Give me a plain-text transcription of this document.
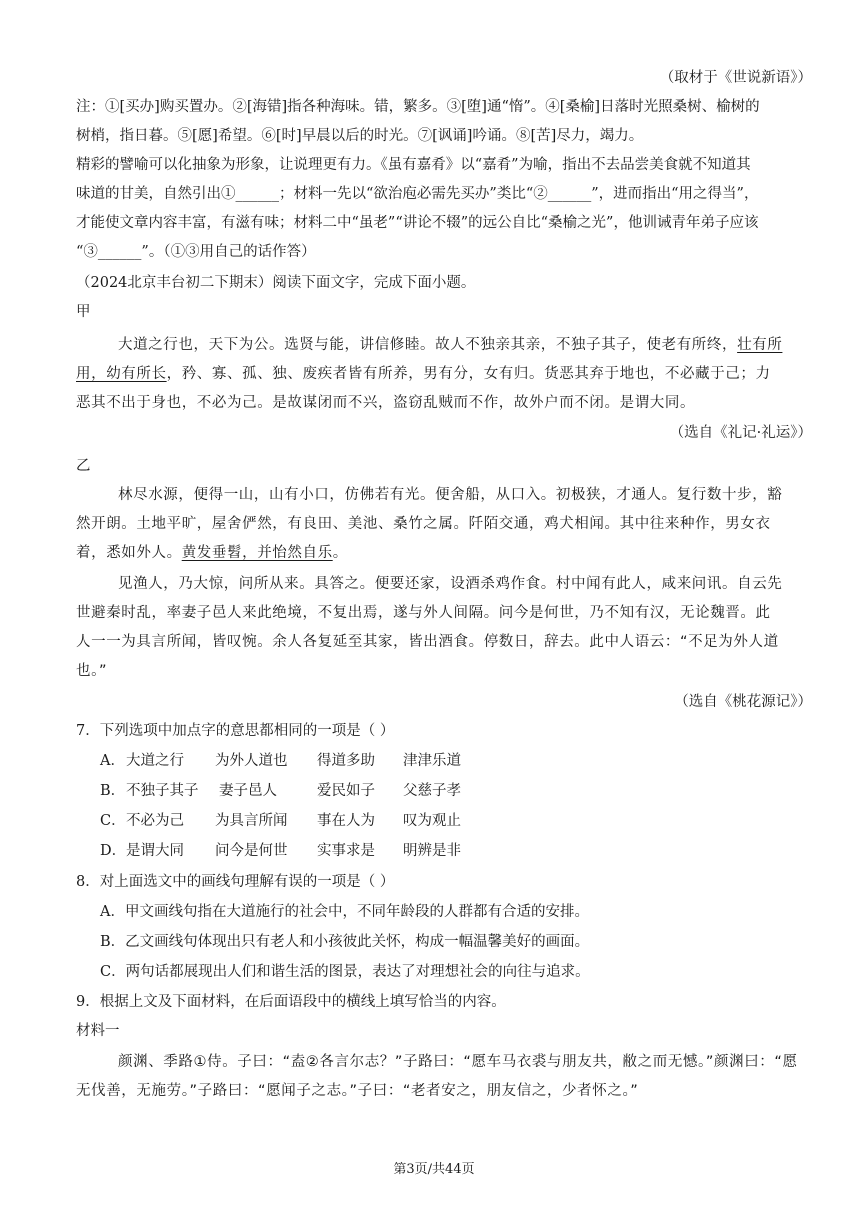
（取材于《世说新语》）
注：①[买办]购买置办。②[海错]指各种海味。错，繁多。③[堕]通“惰”。④[桑榆]日落时光照桑树、榆树的
树梢，指日暮。⑤[愿]希望。⑥[时]早晨以后的时光。⑦[讽诵]吟诵。⑧[苦]尽力，竭力。
精彩的譬喻可以化抽象为形象，让说理更有力。《虽有嘉肴》以“嘉肴”为喻，指出不去品尝美食就不知道其
味道的甘美，自然引出①______；材料一先以“欲治庖必需先买办”类比“②______”，进而指出“用之得当”，
才能使文章内容丰富，有滋有味；材料二中“虽老”“讲论不辍”的远公自比“桑榆之光”，他训诫青年弟子应该
“③______”。（①③用自己的话作答）
（2024北京丰台初二下期末）阅读下面文字，完成下面小题。
甲
大道之行也，天下为公。选贤与能，讲信修睦。故人不独亲其亲，不独子其子，使老有所终，壮有所
用，幼有所长，矜、寡、孤、独、废疾者皆有所养，男有分，女有归。货恶其弃于地也，不必藏于己；力
恶其不出于身也，不必为己。是故谋闭而不兴，盗窃乱贼而不作，故外户而不闭。是谓大同。
（选自《礼记·礼运》）
乙
林尽水源，便得一山，山有小口，仿佛若有光。便舍船，从口入。初极狭，才通人。复行数十步，豁
然开朗。土地平旷，屋舍俨然，有良田、美池、桑竹之属。阡陌交通，鸡犬相闻。其中往来种作，男女衣
着，悉如外人。黄发垂髫，并怡然自乐。
见渔人，乃大惊，问所从来。具答之。便要还家，设酒杀鸡作食。村中闻有此人，咸来问讯。自云先
世避秦时乱，率妻子邑人来此绝境，不复出焉，遂与外人间隔。问今是何世，乃不知有汉，无论魏晋。此
人一一为具言所闻，皆叹惋。余人各复延至其家，皆出酒食。停数日，辞去。此中人语云：“不足为外人道
也。”
（选自《桃花源记》）
7．下列选项中加点字的意思都相同的一项是（ ）
A． 大道之行 为外人道也 得道多助 津津乐道
B． 不独子其子 妻子邑人	爱民如子 父慈子孝
C． 不必为己 为具言所闻 事在人为 叹为观止
D． 是谓大同 问今是何世 实事求是 明辨是非
8．对上面选文中的画线句理解有误的一项是（ ）
A．甲文画线句指在大道施行的社会中，不同年龄段的人群都有合适的安排。
B．乙文画线句体现出只有老人和小孩彼此关怀，构成一幅温馨美好的画面。
C．两句话都展现出人们和谐生活的图景，表达了对理想社会的向往与追求。
9．根据上文及下面材料，在后面语段中的横线上填写恰当的内容。
材料一
颜渊、季路①侍。子曰：“盍②各言尔志？”子路曰：“愿车马衣裘与朋友共，敝之而无憾。”颜渊曰：“愿
无伐善，无施劳。”子路曰：“愿闻子之志。”子曰：“老者安之，朋友信之，少者怀之。”
第3页/共44页
